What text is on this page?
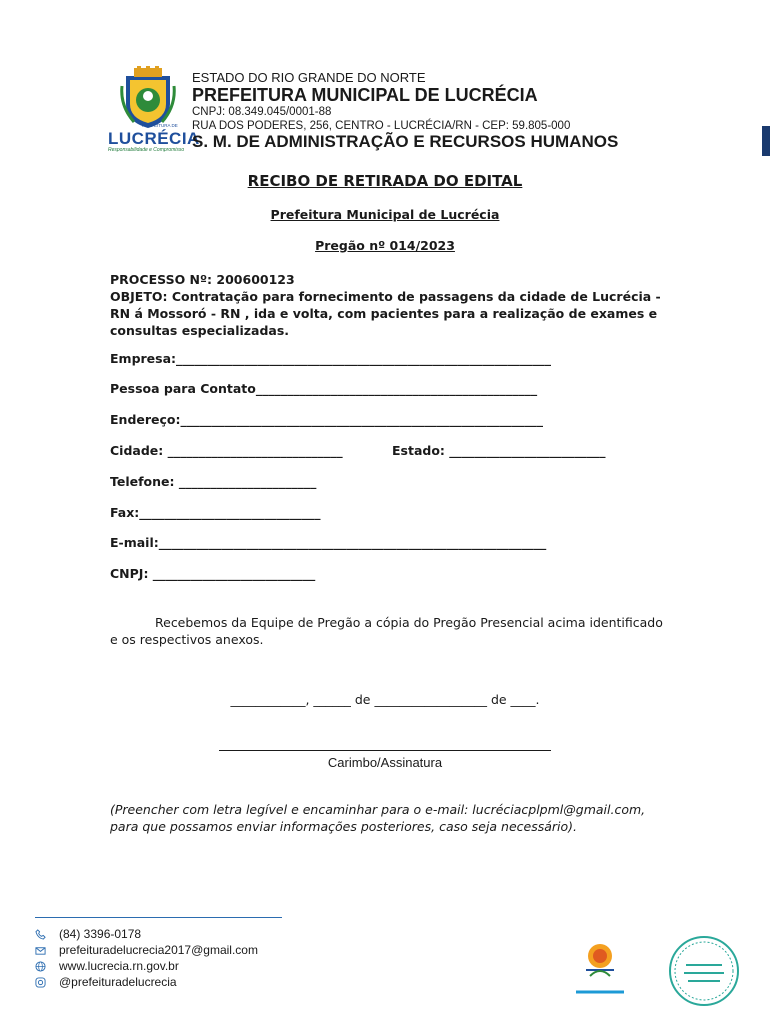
PREFEITURA DE
LUCRÉCIA
Responsabilidade e Compromisso
ESTADO DO RIO GRANDE DO NORTE
PREFEITURA MUNICIPAL DE LUCRÉCIA
CNPJ: 08.349.045/0001-88
RUA DOS PODERES, 256, CENTRO - LUCRÉCIA/RN - CEP: 59.805-000
S. M. DE ADMINISTRAÇÃO E RECURSOS HUMANOS
RECIBO DE RETIRADA DO EDITAL
Prefeitura Municipal de Lucrécia
Pregão nº 014/2023
PROCESSO Nº: 200600123
OBJETO: Contratação para fornecimento de passagens da cidade de Lucrécia - RN á Mossoró - RN , ida e volta, com pacientes para a realização de exames e consultas especializadas.
Empresa:____________________________________________________________
Pessoa para Contato_____________________________________________
Endereço:__________________________________________________________
Cidade: ____________________________	Estado: _________________________
Telefone: ______________________
Fax:_____________________________
E-mail:______________________________________________________________
CNPJ: __________________________
Recebemos da Equipe de Pregão a cópia do Pregão Presencial acima identificado e os respectivos anexos.
____________, ______ de __________________ de ____.
Carimbo/Assinatura
(Preencher com letra legível e encaminhar para o e-mail: lucréciacplpml@gmail.com, para que possamos enviar informações posteriores, caso seja necessário).
(84) 3396-0178
prefeituradelucrecia2017@gmail.com
www.lucrecia.rn.gov.br
@prefeituradelucrecia
